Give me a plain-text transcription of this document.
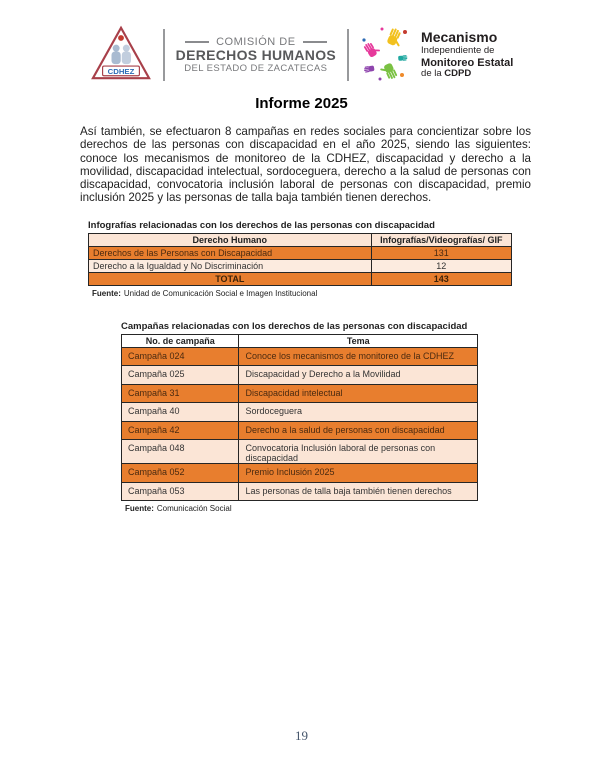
CDHEZ
COMISIÓN DE
DERECHOS HUMANOS
DEL ESTADO DE ZACATECAS
Mecanismo
Independiente de
Monitoreo Estatal
de la CDPD
Informe 2025

Así también, se efectuaron 8 campañas en redes sociales para concientizar sobre los derechos de las personas con discapacidad en el año 2025, siendo las siguientes: conoce los mecanismos de monitoreo de la CDHEZ, discapacidad y derecho a la movilidad, discapacidad intelectual, sordoceguera, derecho a la salud de personas con discapacidad, convocatoria inclusión laboral de personas con discapacidad, premio inclusión 2025 y las personas de talla baja también tienen derechos.

Infografías relacionadas con los derechos de las personas con discapacidad
Derecho Humano	Infografías/Videografías/ GIF
Derechos de las Personas con Discapacidad	131
Derecho a la Igualdad y No Discriminación	12
TOTAL	143
Fuente: Unidad de Comunicación Social e Imagen Institucional
Campañas relacionadas con los derechos de las personas con discapacidad
No. de campaña	Tema
Campaña 024	Conoce los mecanismos de monitoreo de la CDHEZ
Campaña 025	Discapacidad y Derecho a la Movilidad
Campaña 31	Discapacidad intelectual
Campaña 40	Sordoceguera
Campaña 42	Derecho a la salud de personas con discapacidad
Campaña 048	Convocatoria Inclusión laboral de personas con discapacidad
Campaña 052	Premio Inclusión 2025
Campaña 053	Las personas de talla baja también tienen derechos
Fuente: Comunicación Social
19
